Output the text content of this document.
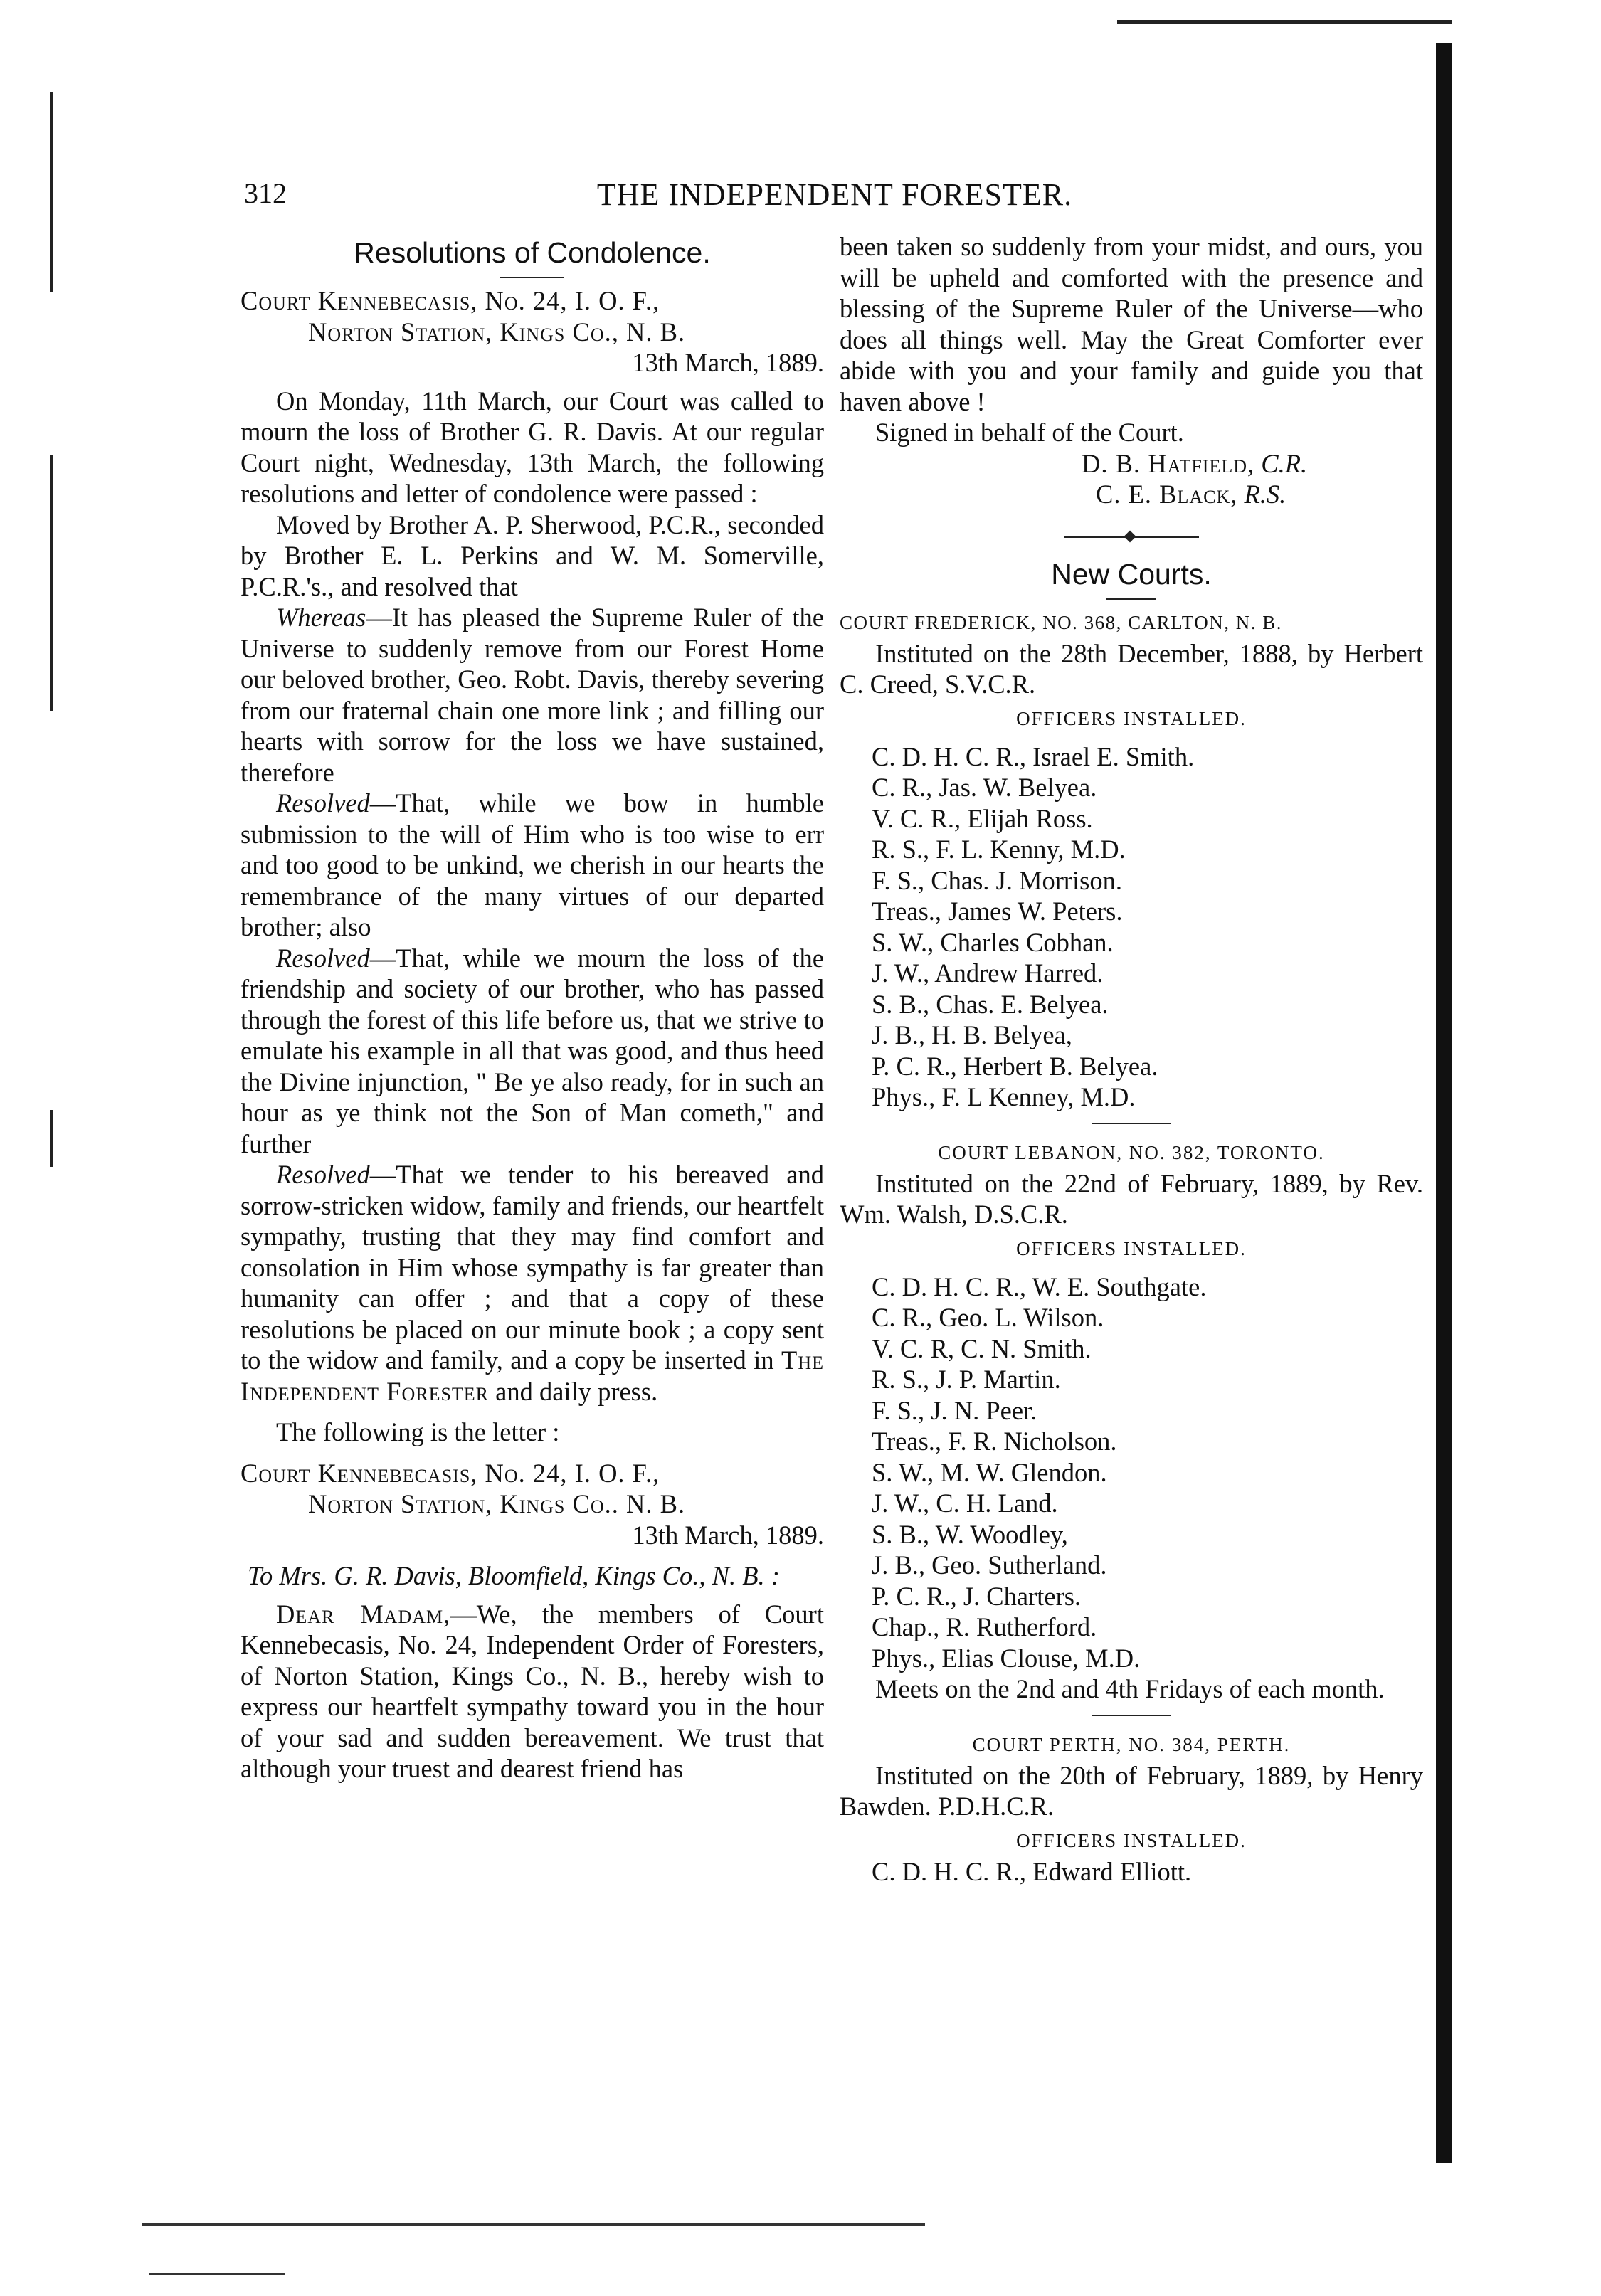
312	THE INDEPENDENT FORESTER.
Resolutions of Condolence.

Court Kennebecasis, No. 24, I. O. F.,

Norton Station, Kings Co., N. B.

13th March, 1889.

On Monday, 11th March, our Court was called to mourn the loss of Brother G. R. Davis. At our regular Court night, Wednesday, 13th March, the following resolutions and letter of condolence were passed :

Moved by Brother A. P. Sherwood, P.C.R., seconded by Brother E. L. Perkins and W. M. Somerville, P.C.R.'s., and resolved that

Whereas—It has pleased the Supreme Ruler of the Universe to suddenly remove from our Forest Home our beloved brother, Geo. Robt. Davis, thereby severing from our fraternal chain one more link ; and filling our hearts with sorrow for the loss we have sustained, therefore

Resolved—That, while we bow in humble submission to the will of Him who is too wise to err and too good to be unkind, we cherish in our hearts the remembrance of the many virtues of our departed brother; also

Resolved—That, while we mourn the loss of the friendship and society of our brother, who has passed through the forest of this life before us, that we strive to emulate his example in all that was good, and thus heed the Divine injunction, " Be ye also ready, for in such an hour as ye think not the Son of Man cometh," and further

Resolved—That we tender to his bereaved and sorrow-stricken widow, family and friends, our heartfelt sympathy, trusting that they may find comfort and consolation in Him whose sympathy is far greater than humanity can offer ; and that a copy of these resolutions be placed on our minute book ; a copy sent to the widow and family, and a copy be inserted in The Independent Forester and daily press.

The following is the letter :

Court Kennebecasis, No. 24, I. O. F.,

Norton Station, Kings Co.. N. B.

13th March, 1889.

To Mrs. G. R. Davis, Bloomfield, Kings Co., N. B. :

Dear Madam,—We, the members of Court Kennebecasis, No. 24, Independent Order of Foresters, of Norton Station, Kings Co., N. B., hereby wish to express our heartfelt sympathy toward you in the hour of your sad and sudden bereavement. We trust that although your truest and dearest friend has

been taken so suddenly from your midst, and ours, you will be upheld and comforted with the presence and blessing of the Supreme Ruler of the Universe—who does all things well. May the Great Comforter ever abide with you and your family and guide you that haven above !

Signed in behalf of the Court.

D. B. Hatfield, C.R.

C. E. Black, R.S.

New Courts.

COURT FREDERICK, NO. 368, CARLTON, N. B.

Instituted on the 28th December, 1888, by Herbert C. Creed, S.V.C.R.

OFFICERS INSTALLED.

C. D. H. C. R., Israel E. Smith.
C. R., Jas. W. Belyea.
V. C. R., Elijah Ross.
R. S., F. L. Kenny, M.D.
F. S., Chas. J. Morrison.
Treas., James W. Peters.
S. W., Charles Cobhan.
J. W., Andrew Harred.
S. B., Chas. E. Belyea.
J. B., H. B. Belyea,
P. C. R., Herbert B. Belyea.
Phys., F. L Kenney, M.D.

COURT LEBANON, NO. 382, TORONTO.

Instituted on the 22nd of February, 1889, by Rev. Wm. Walsh, D.S.C.R.

OFFICERS INSTALLED.

C. D. H. C. R., W. E. Southgate.
C. R., Geo. L. Wilson.
V. C. R, C. N. Smith.
R. S., J. P. Martin.
F. S., J. N. Peer.
Treas., F. R. Nicholson.
S. W., M. W. Glendon.
J. W., C. H. Land.
S. B., W. Woodley,
J. B., Geo. Sutherland.
P. C. R., J. Charters.
Chap., R. Rutherford.
Phys., Elias Clouse, M.D.

Meets on the 2nd and 4th Fridays of each month.

COURT PERTH, NO. 384, PERTH.

Instituted on the 20th of February, 1889, by Henry Bawden. P.D.H.C.R.

OFFICERS INSTALLED.

C. D. H. C. R., Edward Elliott.
